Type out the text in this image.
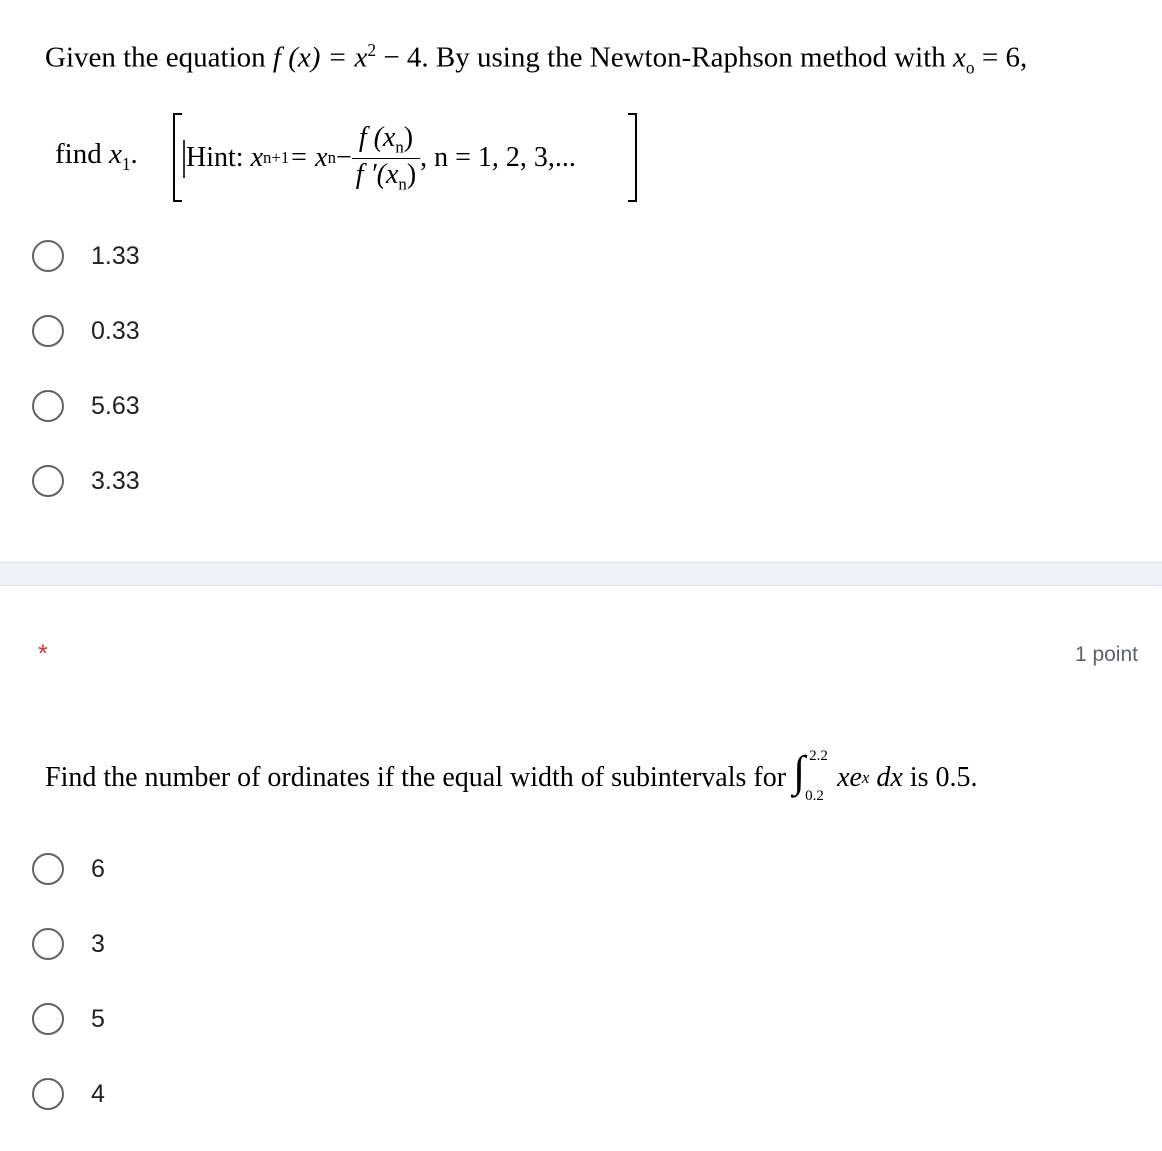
Given the equation f $(x) = x^2 - 4$. By using the Newton-Raphson method with $x_o = 6$,
find $x_1$. Hint:
x n+1 = x $n - \frac{f (x_n)}{f '(x_n)}$ , n = 1, 2, 3,...
1.33
0.33
5.63
3.33
*	1 point
Find the number of ordinates if the equal width of subintervals for
∫ 2.2
0.2
xe x
dx
is 0.5.
6
3
5
4
